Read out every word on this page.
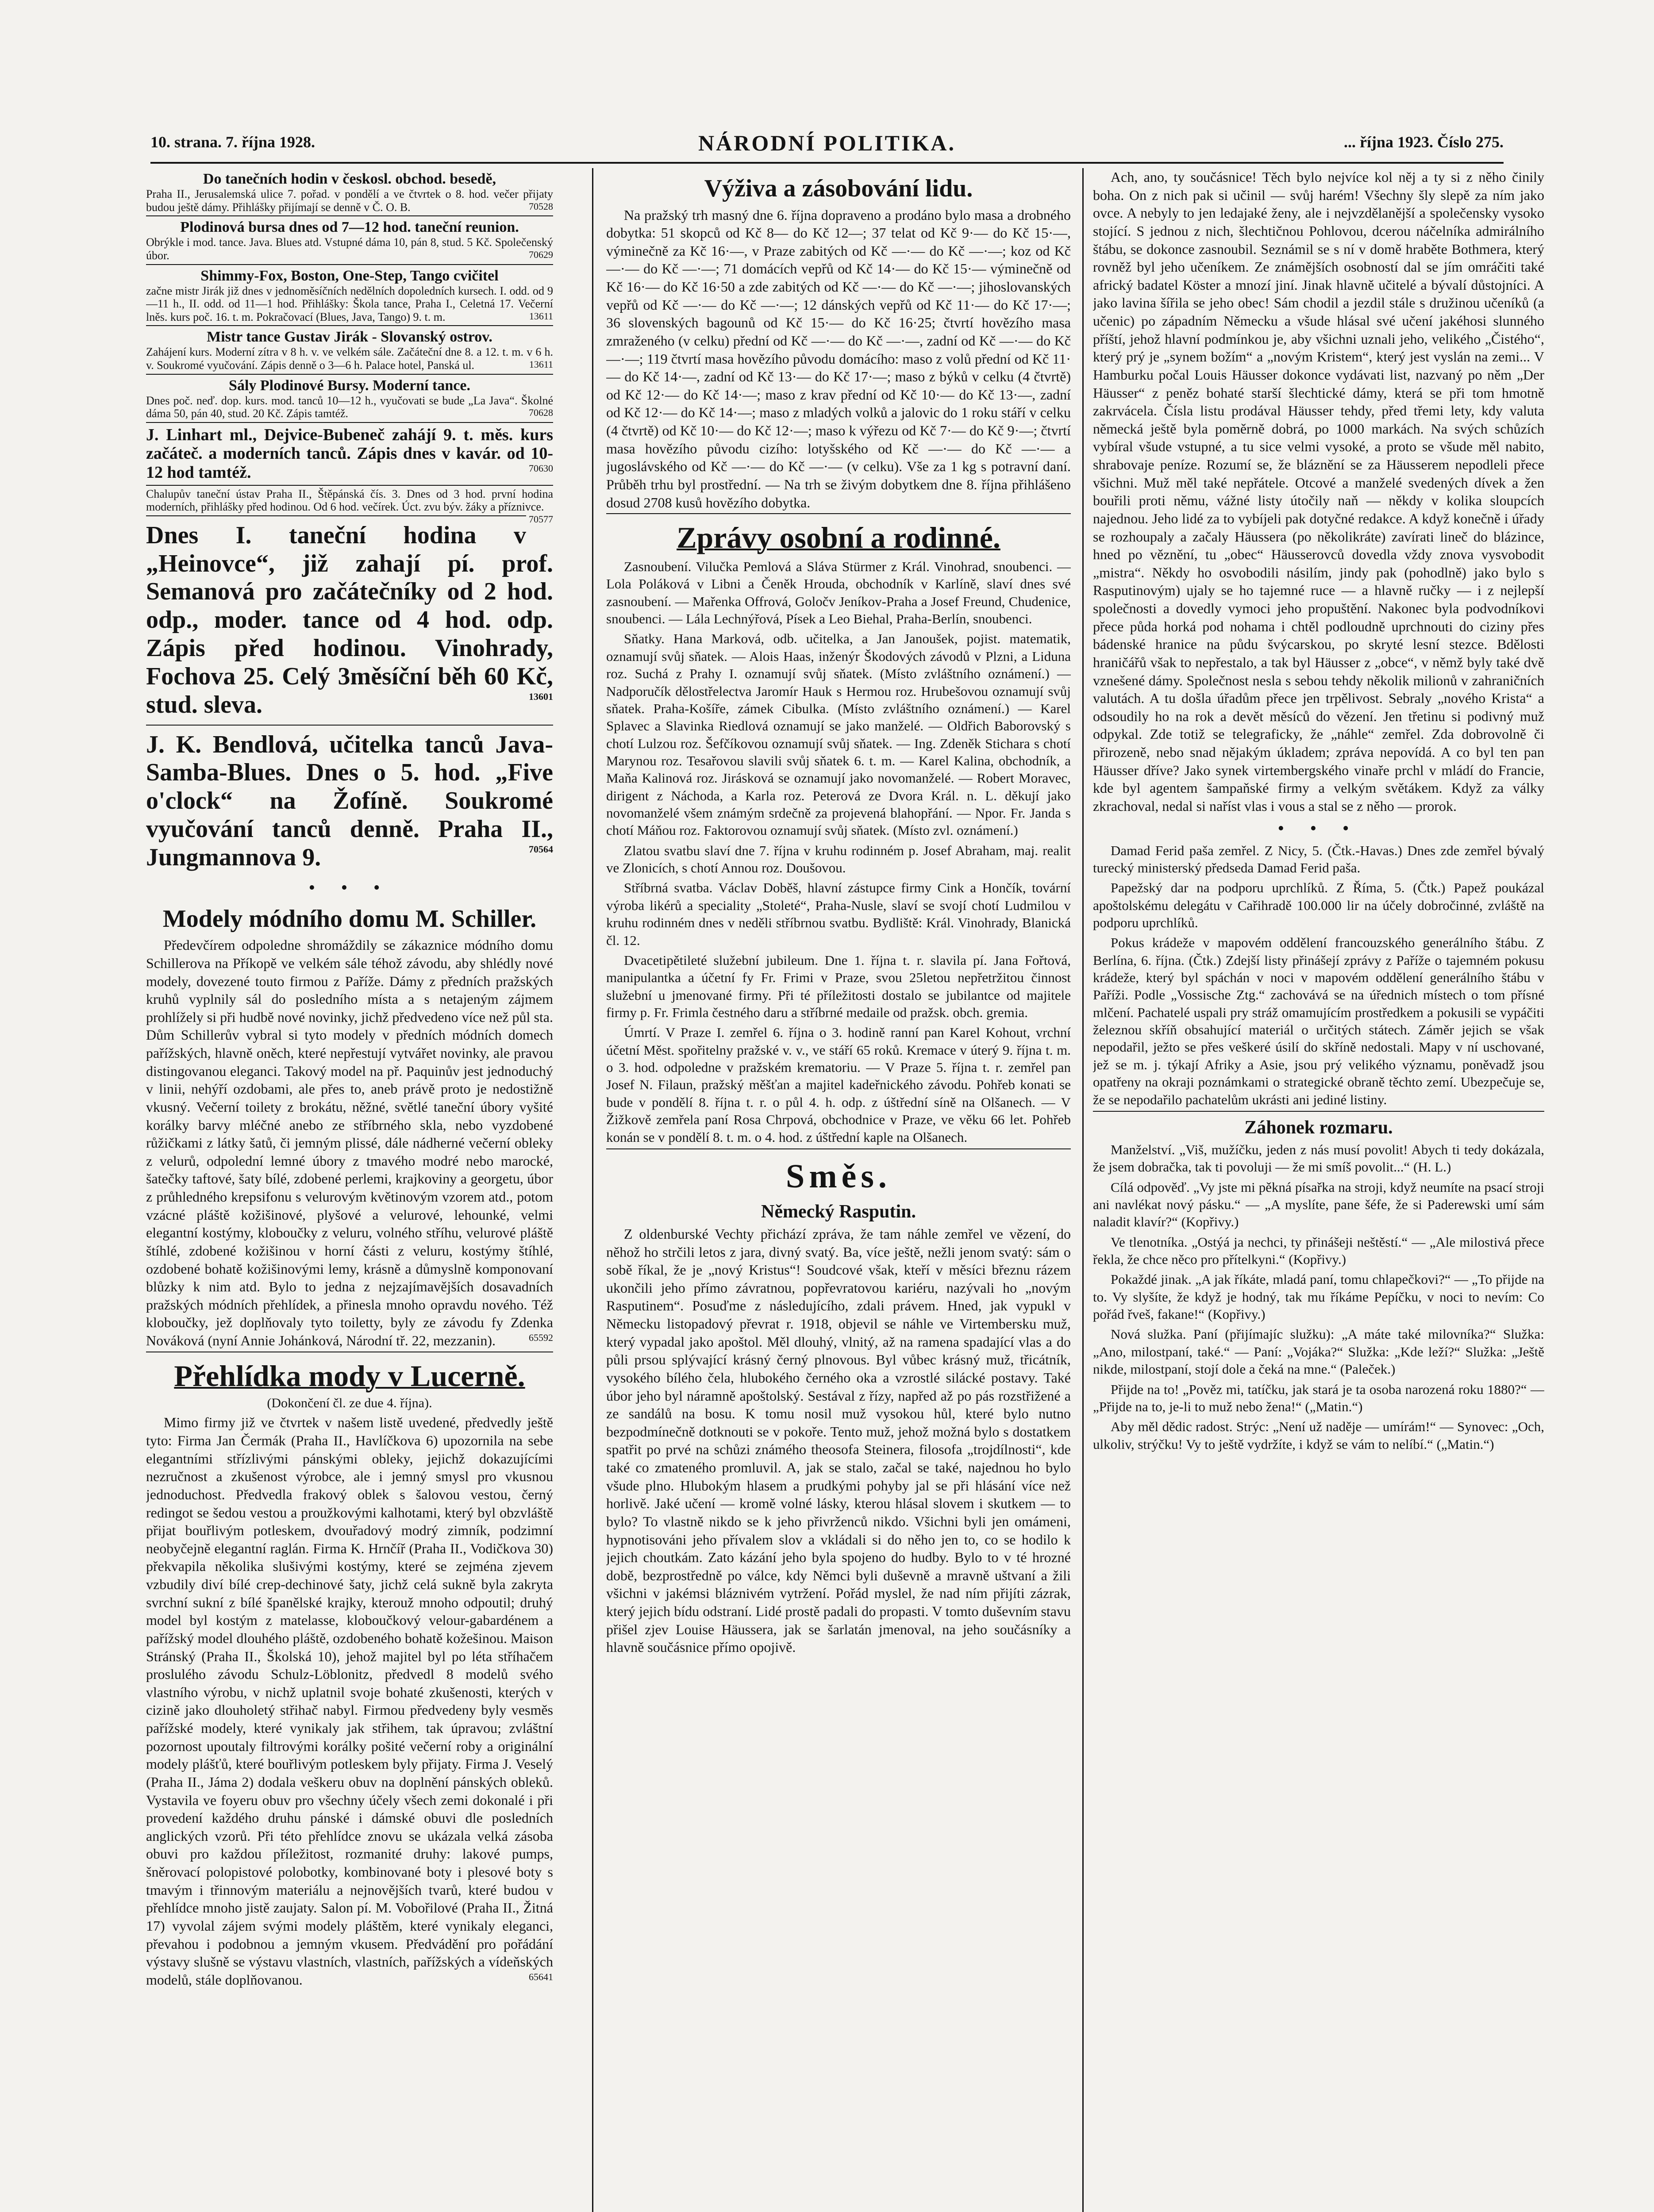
10. strana. 7. října 1928.	NÁRODNÍ POLITIKA.	... října 1923. Číslo 275.
Do tanečních hodin v českosl. obchod. besedě,

Praha II., Jerusalemská ulice 7. pořad. v pondělí a ve čtvrtek o 8. hod. večer přijaty budou ještě dámy. Přihlášky přijímají se denně v Č. O. B.	70528

Plodinová bursa dnes od 7—12 hod. taneční reunion.

Obrýkle i mod. tance. Java. Blues atd. Vstupné dáma 10, pán 8, stud. 5 Kč. Společenský úbor.	70629

Shimmy-Fox, Boston, One-Step, Tango cvičitel

začne mistr Jirák již dnes v jednoměsíčních nedělních dopoledních kursech. I. odd. od 9—11 h., II. odd. od 11—1 hod. Přihlášky: Škola tance, Praha I., Celetná 17. Večerní lněs. kurs poč. 16. t. m. Pokračovací (Blues, Java, Tango) 9. t. m.	13611

Mistr tance Gustav Jirák - Slovanský ostrov.

Zahájení kurs. Moderní zítra v 8 h. v. ve velkém sále. Začáteční dne 8. a 12. t. m. v 6 h. v. Soukromé vyučování. Zápis denně o 3—6 h. Palace hotel, Panská ul.	13611

Sály Plodinové Bursy. Moderní tance.

Dnes poč. neď. dop. kurs. mod. tanců 10—12 h., vyučovati se bude „La Java“. Školné dáma 50, pán 40, stud. 20 Kč. Zápis tamtéž.	70628

J. Linhart ml., Dejvice-Bubeneč zahájí 9. t. měs. kurs začáteč. a moderních tanců. Zápis dnes v kavár. od 10-12 hod tamtéž.	70630

Chalupův taneční ústav Praha II., Štěpánská čís. 3. Dnes od 3 hod. první hodina moderních, přihlášky před hodinou. Od 6 hod. večírek. Úct. zvu býv. žáky a příznivce.
70577

Dnes I. taneční hodina v „Heinovce“, již zahají pí. prof. Semanová pro začátečníky od 2 hod. odp., moder. tance od 4 hod. odp. Zápis před hodinou. Vinohrady, Fochova 25. Celý 3měsíční běh 60 Kč, stud. sleva.	13601

J. K. Bendlová, učitelka tanců Java-Samba-Blues. Dnes o 5. hod. „Five o'clock“ na Žofíně. Soukromé vyučování tanců denně. Praha II., Jungmannova 9.	70564

• • •
Modely módního domu M. Schiller.

Předevčírem odpoledne shromáždily se zákaznice módního domu Schillerova na Příkopě ve velkém sále téhož závodu, aby shlédly nové modely, dovezené touto firmou z Paříže. Dámy z předních pražských kruhů vyplnily sál do posledního místa a s netajeným zájmem prohlížely si při hudbě nové novinky, jichž předvedeno více než půl sta. Dům Schillerův vybral si tyto modely v předních módních domech pařížských, hlavně oněch, které nepřestují vytvářet novinky, ale pravou distingovanou eleganci. Takový model na př. Paquinův jest jednoduchý v linii, nehýří ozdobami, ale přes to, aneb právě proto je nedostižně vkusný. Večerní toilety z brokátu, něžné, světlé taneční úbory vyšité korálky barvy mléčné anebo ze stříbrného skla, nebo vyzdobené růžičkami z látky šatů, či jemným plissé, dále nádherné večerní obleky z velurů, odpolední lemné úbory z tmavého modré nebo marocké, šatečky taftové, šaty bílé, zdobené perlemi, krajkoviny a georgetu, úbor z průhledného krepsifonu s velurovým květinovým vzorem atd., potom vzácné pláště kožišinové, plyšové a velurové, lehounké, velmi elegantní kostýmy, kloboučky z veluru, volného stříhu, velurové pláště štíhlé, zdobené kožišinou v horní části z veluru, kostýmy štíhlé, ozdobené bohatě kožišinovými lemy, krásně a důmyslně komponovaní blůzky k nim atd. Bylo to jedna z nejzajímavějších dosavadních pražských módních přehlídek, a přinesla mnoho opravdu nového. Též kloboučky, jež doplňovaly tyto toiletty, byly ze závodu fy Zdenka Nováková (nyní Annie Johánková, Národní tř. 22, mezzanin).	65592

Přehlídka mody v Lucerně.
(Dokončení čl. ze due 4. října).

Mimo firmy již ve čtvrtek v našem listě uvedené, předvedly ještě tyto: Firma Jan Čermák (Praha II., Havlíčkova 6) upozornila na sebe elegantními střízlivými pánskými obleky, jejichž dokazujícími nezručnost a zkušenost výrobce, ale i jemný smysl pro vkusnou jednoduchost. Předvedla frakový oblek s šalovou vestou, černý redingot se šedou vestou a proužkovými kalhotami, který byl obzvláště přijat bouřlivým potleskem, dvouřadový modrý zimník, podzimní neobyčejně elegantní raglán. Firma K. Hrnčíř (Praha II., Vodičkova 30) překvapila několika slušivými kostýmy, které se zejména zjevem vzbudily diví bílé crep-dechinové šaty, jichž celá sukně byla zakryta svrchní sukní z bílé španělské krajky, kterouž mnoho odpoutil; druhý model byl kostým z matelasse, kloboučkový velour-gabardénem a pařížský model dlouhého pláště, ozdobeného bohatě kožešinou. Maison Stránský (Praha II., Školská 10), jehož majitel byl po léta stříhačem proslulého závodu Schulz-Löblonitz, předvedl 8 modelů svého vlastního výrobu, v nichž uplatnil svoje bohaté zkušenosti, kterých v cizině jako dlouholetý střihač nabyl. Firmou předvedeny byly vesměs pařížské modely, které vynikaly jak střihem, tak úpravou; zvláštní pozornost upoutaly filtrovými korálky pošité večerní roby a originální modely plášťů, které bouřlivým potleskem byly přijaty. Firma J. Veselý (Praha II., Jáma 2) dodala veškeru obuv na doplnění pánských obleků. Vystavila ve foyeru obuv pro všechny účely všech zemi dokonalé i při provedení každého druhu pánské i dámské obuvi dle posledních anglických vzorů. Při této přehlídce znovu se ukázala velká zásoba obuvi pro každou příležitost, rozmanité druhy: lakové pumps, šněrovací polopistové polobotky, kombinované boty i plesové boty s tmavým i třinnovým materiálu a nejnovějších tvarů, které budou v přehlídce mnoho jistě zaujaty. Salon pí. M. Vobořilové (Praha II., Žitná 17) vyvolal zájem svými modely pláštěm, které vynikaly eleganci, převahou i podobnou a jemným vkusem. Předvádění pro pořádání výstavy slušně se výstavu vlastních, vlastních, pařížských a vídeňských modelů, stále doplňovanou.	65641

Výživa a zásobování lidu.

Na pražský trh masný dne 6. října dopraveno a prodáno bylo masa a drobného dobytka: 51 skopců od Kč 8— do Kč 12—; 37 telat od Kč 9·— do Kč 15·—, výminečně za Kč 16·—, v Praze zabitých od Kč —·— do Kč —·—; koz od Kč —·— do Kč —·—; 71 domácích vepřů od Kč 14·— do Kč 15·— výminečně od Kč 16·— do Kč 16·50 a zde zabitých od Kč —·— do Kč —·—; jihoslovanských vepřů od Kč —·— do Kč —·—; 12 dánských vepřů od Kč 11·— do Kč 17·—; 36 slovenských bagounů od Kč 15·— do Kč 16·25; čtvrtí hovězího masa zmraženého (v celku) přední od Kč —·— do Kč —·—, zadní od Kč —·— do Kč —·—; 119 čtvrtí masa hovězího původu domácího: maso z volů přední od Kč 11·— do Kč 14·—, zadní od Kč 13·— do Kč 17·—; maso z býků v celku (4 čtvrtě) od Kč 12·— do Kč 14·—; maso z krav přední od Kč 10·— do Kč 13·—, zadní od Kč 12·— do Kč 14·—; maso z mladých volků a jalovic do 1 roku stáří v celku (4 čtvrtě) od Kč 10·— do Kč 12·—; maso k výřezu od Kč 7·— do Kč 9·—; čtvrtí masa hovězího původu cizího: lotyšského od Kč —·— do Kč —·— a jugoslávského od Kč —·— do Kč —·— (v celku). Vše za 1 kg s potravní daní. Průběh trhu byl prostřední. — Na trh se živým dobytkem dne 8. října přihlášeno dosud 2708 kusů hovězího dobytka.

Zprávy osobní a rodinné.

Zasnoubení. Vilučka Pemlová a Sláva Stürmer z Král. Vinohrad, snoubenci. — Lola Poláková v Libni a Čeněk Hrouda, obchodník v Karlíně, slaví dnes své zasnoubení. — Mařenka Offrová, Goločv Jeníkov-Praha a Josef Freund, Chudenice, snoubenci. — Lála Lechnýřová, Písek a Leo Biehal, Praha-Berlín, snoubenci.

Sňatky. Hana Marková, odb. učitelka, a Jan Janoušek, pojist. matematik, oznamují svůj sňatek. — Alois Haas, inženýr Škodových závodů v Plzni, a Liduna roz. Suchá z Prahy I. oznamují svůj sňatek. (Místo zvláštního oznámení.) — Nadporučík dělostřelectva Jaromír Hauk s Hermou roz. Hrubešovou oznamují svůj sňatek. Praha-Košíře, zámek Cibulka. (Místo zvláštního oznámení.) — Karel Splavec a Slavinka Riedlová oznamují se jako manželé. — Oldřich Baborovský s chotí Lulzou roz. Šefčíkovou oznamují svůj sňatek. — Ing. Zdeněk Stichara s chotí Marynou roz. Tesařovou slavili svůj sňatek 6. t. m. — Karel Kalina, obchodník, a Maňa Kalinová roz. Jirásková se oznamují jako novomanželé. — Robert Moravec, dirigent z Náchoda, a Karla roz. Peterová ze Dvora Král. n. L. děkují jako novomanželé všem známým srdečně za projevená blahopřání. — Npor. Fr. Janda s chotí Máňou roz. Faktorovou oznamují svůj sňatek. (Místo zvl. oznámení.)

Zlatou svatbu slaví dne 7. října v kruhu rodinném p. Josef Abraham, maj. realit ve Zlonicích, s chotí Annou roz. Doušovou.

Stříbrná svatba. Václav Doběš, hlavní zástupce firmy Cink a Hončík, tovární výroba likérů a speciality „Stoleté“, Praha-Nusle, slaví se svojí chotí Ludmilou v kruhu rodinném dnes v neděli stříbrnou svatbu. Bydliště: Král. Vinohrady, Blanická čl. 12.

Dvacetipětileté služební jubileum. Dne 1. října t. r. slavila pí. Jana Fořtová, manipulantka a účetní fy Fr. Frimi v Praze, svou 25letou nepřetržitou činnost služební u jmenované firmy. Při té příležitosti dostalo se jubilantce od majitele firmy p. Fr. Frimla čestného daru a stříbrné medaile od pražsk. obch. gremia.

Úmrtí. V Praze I. zemřel 6. října o 3. hodině ranní pan Karel Kohout, vrchní účetní Měst. spořitelny pražské v. v., ve stáří 65 roků. Kremace v úterý 9. října t. m. o 3. hod. odpoledne v pražském krematoriu. — V Praze 5. října t. r. zemřel pan Josef N. Filaun, pražský měšťan a majitel kadeřnického závodu. Pohřeb konati se bude v pondělí 8. října t. r. o půl 4. h. odp. z úštřední síně na Olšanech. — V Žižkově zemřela paní Rosa Chrpová, obchodnice v Praze, ve věku 66 let. Pohřeb konán se v pondělí 8. t. m. o 4. hod. z úštřední kaple na Olšanech.

Směs.
Německý Rasputin.

Z oldenburské Vechty přichází zpráva, že tam náhle zemřel ve vězení, do něhož ho strčili letos z jara, divný svatý. Ba, více ještě, nežli jenom svatý: sám o sobě říkal, že je „nový Kristus“! Soudcové však, kteří v měsíci březnu rázem ukončili jeho přímo závratnou, popřevratovou kariéru, nazývali ho „novým Rasputinem“. Posuďme z následujícího, zdali právem. Hned, jak vypukl v Německu listopadový převrat r. 1918, objevil se náhle ve Virtembersku muž, který vypadal jako apoštol. Měl dlouhý, vlnitý, až na ramena spadající vlas a do půli prsou splývající krásný černý plnovous. Byl vůbec krásný muž, třicátník, vysokého bílého čela, hlubokého černého oka a vzrostlé silácké postavy. Také úbor jeho byl náramně apoštolský. Sestával z řízy, napřed až po pás rozstřižené a ze sandálů na bosu. K tomu nosil muž vysokou hůl, které bylo nutno bezpodmínečně dotknouti se v pokoře. Tento muž, jehož možná bylo s dostatkem spatřit po prvé na schůzi známého theosofa Steinera, filosofa „trojdílnosti“, kde také co zmateného promluvil. A, jak se stalo, začal se také, najednou ho bylo všude plno. Hlubokým hlasem a prudkými pohyby jal se při hlásání více než horlivě. Jaké učení — kromě volné lásky, kterou hlásal slovem i skutkem — to bylo? To vlastně nikdo se k jeho přivrženců nikdo. Všichni byli jen omámeni, hypnotisováni jeho přívalem slov a vkládali si do něho jen to, co se hodilo k jejich choutkám. Zato kázání jeho byla spojeno do hudby. Bylo to v té hrozné době, bezprostředně po válce, kdy Němci byli duševně a mravně uštvaní a žili všichni v jakémsi bláznivém vytržení. Pořád myslel, že nad ním přijíti zázrak, který jejich bídu odstraní. Lidé prostě padali do propasti. V tomto duševním stavu přišel zjev Louise Häussera, jak se šarlatán jmenoval, na jeho součásníky a hlavně součásnice přímo opojivě.

Ach, ano, ty součásnice! Těch bylo nejvíce kol něj a ty si z něho činily boha. On z nich pak si učinil — svůj harém! Všechny šly slepě za ním jako ovce. A nebyly to jen ledajaké ženy, ale i nejvzdělanější a společensky vysoko stojící. S jednou z nich, šlechtičnou Pohlovou, dcerou náčelníka admirálního štábu, se dokonce zasnoubil. Seznámil se s ní v domě hraběte Bothmera, který rovněž byl jeho učeníkem. Ze známějších osobností dal se jím omráčiti také africký badatel Köster a mnozí jiní. Jinak hlavně učitelé a bývalí důstojníci. A jako lavina šířila se jeho obec! Sám chodil a jezdil stále s družinou učeníků (a učenic) po západním Německu a všude hlásal své učení jakéhosi slunného příští, jehož hlavní podmínkou je, aby všichni uznali jeho, velikého „Čistého“, který prý je „synem božím“ a „novým Kristem“, který jest vyslán na zemi... V Hamburku počal Louis Häusser dokonce vydávati list, nazvaný po něm „Der Häusser“ z peněz bohaté starší šlechtické dámy, která se při tom hmotně zakrvácela. Čísla listu prodával Häusser tehdy, před třemi lety, kdy valuta německá ještě byla poměrně dobrá, po 1000 markách. Na svých schůzích vybíral všude vstupné, a tu sice velmi vysoké, a proto se všude měl nabito, shrabovaje peníze. Rozumí se, že bláznění se za Häusserem nepodleli přece všichni. Muž měl také nepřátele. Otcové a manželé svedených dívek a žen bouřili proti němu, vážné listy útočily naň — někdy v kolika sloupcích najednou. Jeho lidé za to vybíjeli pak dotyčné redakce. A když konečně i úřady se rozhoupaly a začaly Häussera (po několikráte) zavírati lineč do blázince, hned po věznění, tu „obec“ Häusserovců dovedla vždy znova vysvobodit „mistra“. Někdy ho osvobodili násilím, jindy pak (pohodlně) jako bylo s Rasputinovým) ujaly se ho tajemné ruce — a hlavně ručky — i z nejlepší společnosti a dovedly vymoci jeho propuštění. Nakonec byla podvodníkovi přece půda horká pod nohama i chtěl podloudně uprchnouti do ciziny přes bádenské hranice na půdu švýcarskou, po skryté lesní stezce. Bdělosti hraničářů však to nepřestalo, a tak byl Häusser z „obce“, v němž byly také dvě vznešené dámy. Společnost nesla s sebou tehdy několik milionů v zahraničních valutách. A tu došla úřadům přece jen trpělivost. Sebraly „nového Krista“ a odsoudily ho na rok a devět měsíců do vězení. Jen třetinu si podivný muž odpykal. Zde totiž se telegraficky, že „náhle“ zemřel. Zda dobrovolně či přirozeně, nebo snad nějakým úkladem; zpráva nepovídá. A co byl ten pan Häusser dříve? Jako synek virtembergského vinaře prchl v mládí do Francie, kde byl agentem šampaňské firmy a velkým světákem. Když za války zkrachoval, nedal si naříst vlas i vous a stal se z něho — prorok.

• • •

Damad Ferid paša zemřel. Z Nicy, 5. (Čtk.-Havas.) Dnes zde zemřel bývalý turecký ministerský předseda Damad Ferid paša.

Papežský dar na podporu uprchlíků. Z Říma, 5. (Čtk.) Papež poukázal apoštolskému delegátu v Cařihradě 100.000 lir na účely dobročinné, zvláště na podporu uprchlíků.

Pokus krádeže v mapovém oddělení francouzského generálního štábu. Z Berlína, 6. října. (Čtk.) Zdejší listy přinášejí zprávy z Paříže o tajemném pokusu krádeže, který byl spáchán v noci v mapovém oddělení generálního štábu v Paříži. Podle „Vossische Ztg.“ zachovává se na úřednich místech o tom přísné mlčení. Pachatelé uspali pry stráž omamujícím prostředkem a pokusili se vypáčiti železnou skříň obsahující materiál o určitých státech. Záměr jejich se však nepodařil, ježto se přes veškeré úsilí do skříně nedostali. Mapy v ní uschované, jež se m. j. týkají Afriky a Asie, jsou prý velikého významu, poněvadž jsou opatřeny na okraji poznámkami o strategické obraně těchto zemí. Ubezpečuje se, že se nepodařilo pachatelům ukrásti ani jediné listiny.

Záhonek rozmaru.

Manželství. „Viš, mužíčku, jeden z nás musí povolit! Abych ti tedy dokázala, že jsem dobračka, tak ti povoluji — že mi smíš povolit...“ (H. L.)

Cílá odpověď. „Vy jste mi pěkná písařka na stroji, když neumíte na psací stroji ani navlékat nový pásku.“ — „A myslíte, pane šéfe, že si Paderewski umí sám naladit klavír?“ (Kopřivy.)

Ve tlenotníka. „Ostýá ja nechci, ty přinášeji neštěstí.“ — „Ale milostivá přece řekla, že chce něco pro přítelkyni.“ (Kopřivy.)

Pokaždé jinak. „A jak říkáte, mladá paní, tomu chlapečkovi?“ — „To přijde na to. Vy slyšíte, že když je hodný, tak mu říkáme Pepíčku, v noci to nevím: Co pořád řveš, fakane!“ (Kopřivy.)

Nová služka. Paní (přijímajíc služku): „A máte také milovníka?“ Služka: „Ano, milostpaní, také.“ — Paní: „Vojáka?“ Služka: „Kde leží?“ Služka: „Ještě nikde, milostpaní, stojí dole a čeká na mne.“ (Paleček.)

Přijde na to! „Pověz mi, tatíčku, jak stará je ta osoba narozená roku 1880?“ — „Přijde na to, je-li to muž nebo žena!“ („Matin.“)

Aby měl dědic radost. Strýc: „Není už naděje — umírám!“ — Synovec: „Och, ulkoliv, strýčku! Vy to ještě vydržíte, i když se vám to nelíbí.“ („Matin.“)
